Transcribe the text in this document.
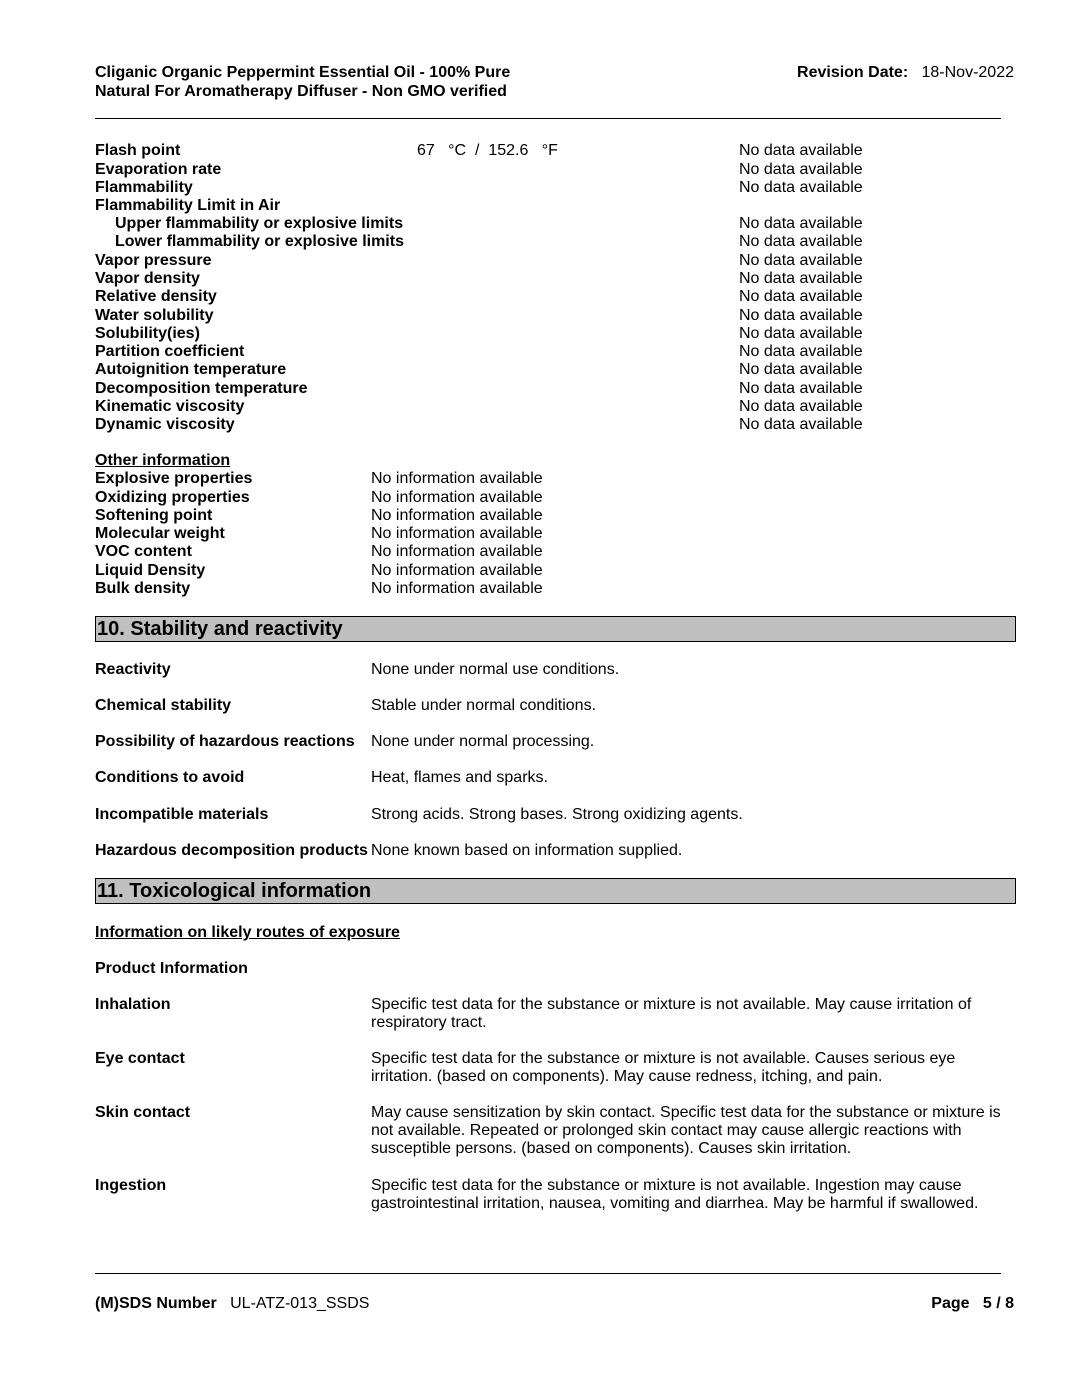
Cliganic Organic Peppermint Essential Oil - 100% Pure
Natural For Aromatherapy Diffuser - Non GMO verified
Revision Date: 18-Nov-2022
Flash point	67   °C  /  152.6   °F	No data available
Evaporation rate	No data available
Flammability	No data available
Flammability Limit in Air
Upper flammability or explosive limits	No data available
Lower flammability or explosive limits	No data available
Vapor pressure	No data available
Vapor density	No data available
Relative density	No data available
Water solubility	No data available
Solubility(ies)	No data available
Partition coefficient	No data available
Autoignition temperature	No data available
Decomposition temperature	No data available
Kinematic viscosity	No data available
Dynamic viscosity	No data available
Other information
Explosive properties	No information available
Oxidizing properties	No information available
Softening point	No information available
Molecular weight	No information available
VOC content	No information available
Liquid Density	No information available
Bulk density	No information available
10. Stability and reactivity
Reactivity	None under normal use conditions.
Chemical stability	Stable under normal conditions.
Possibility of hazardous reactions None under normal processing.
Conditions to avoid	Heat, flames and sparks.
Incompatible materials	Strong acids. Strong bases. Strong oxidizing agents.
Hazardous decomposition products None known based on information supplied.
11. Toxicological information
Information on likely routes of exposure
Product Information
Inhalation	Specific test data for the substance or mixture is not available. May cause irritation of respiratory tract.
Eye contact	Specific test data for the substance or mixture is not available. Causes serious eye irritation. (based on components). May cause redness, itching, and pain.
Skin contact	May cause sensitization by skin contact. Specific test data for the substance or mixture is not available. Repeated or prolonged skin contact may cause allergic reactions with susceptible persons. (based on components). Causes skin irritation.
Ingestion	Specific test data for the substance or mixture is not available. Ingestion may cause gastrointestinal irritation, nausea, vomiting and diarrhea. May be harmful if swallowed.
(M)SDS Number UL-ATZ-013_SSDS	Page 5 / 8
